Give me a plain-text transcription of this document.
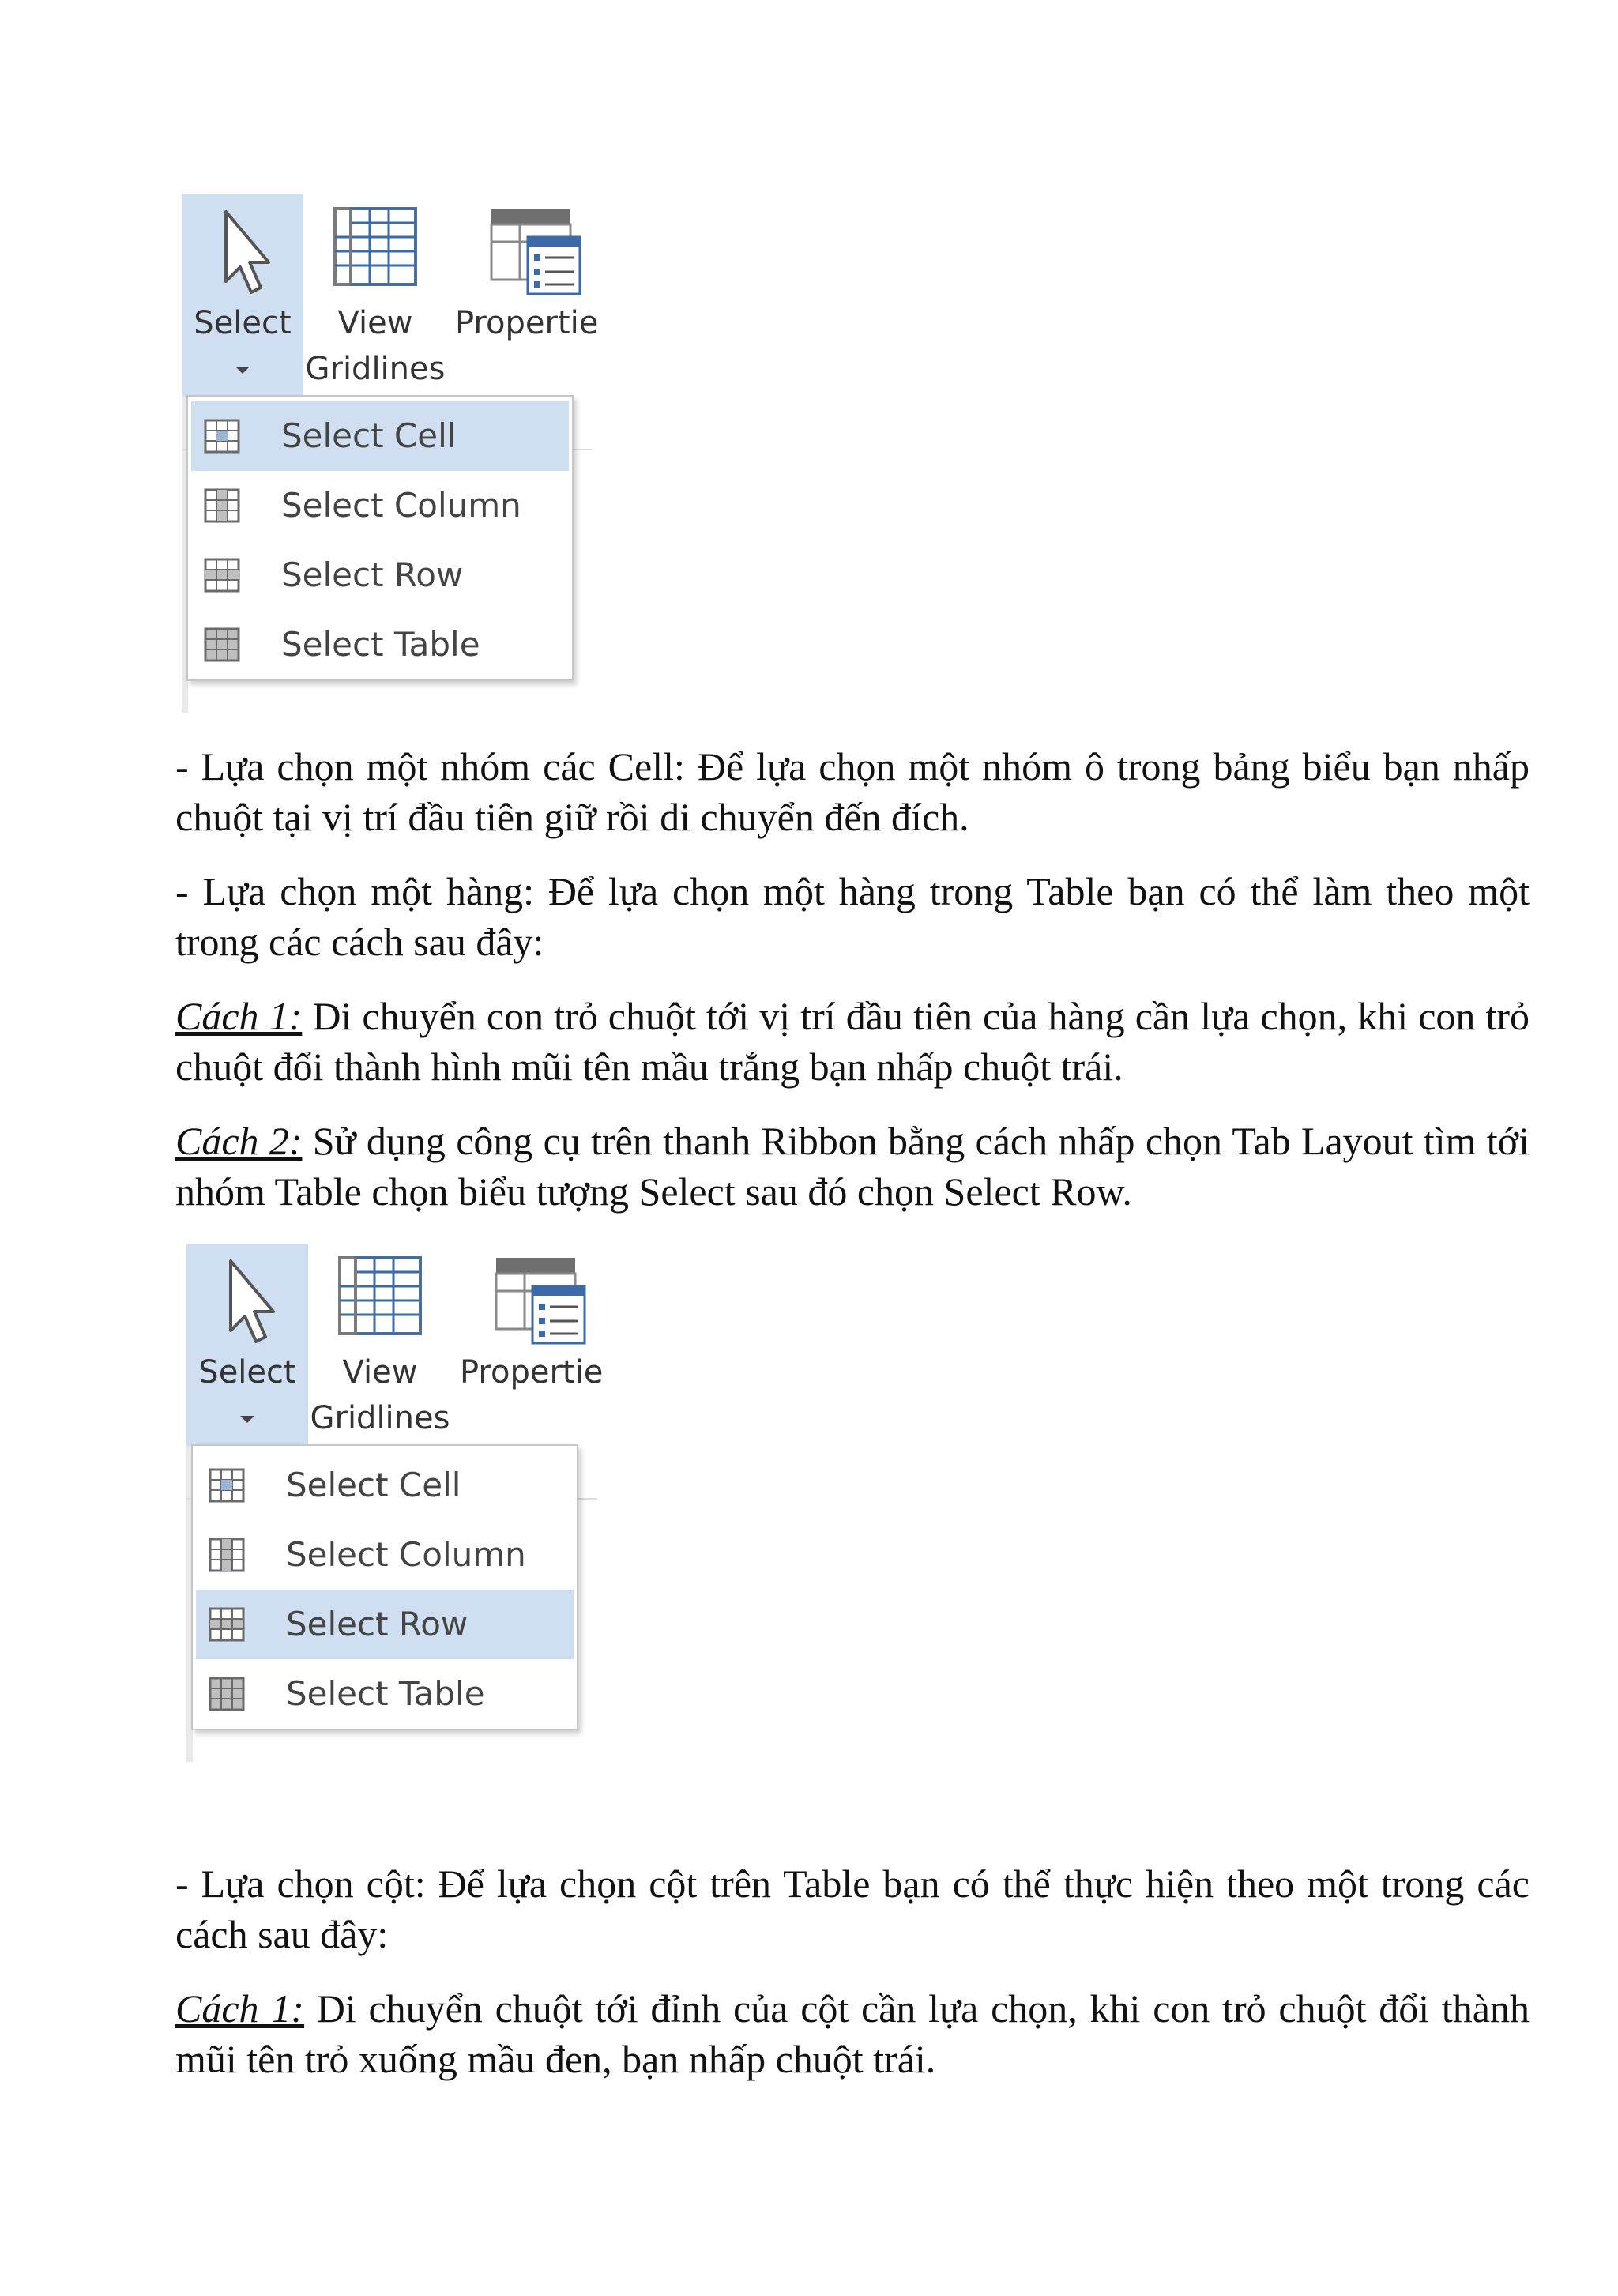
Select	View
Gridlines
Propertie
Select Cell
Select Column
Select Row
Select Table

- Lựa chọn một nhóm các Cell: Để lựa chọn một nhóm ô trong bảng biểu bạn nhấp chuột tại vị trí đầu tiên giữ rồi di chuyển đến đích.

- Lựa chọn một hàng: Để lựa chọn một hàng trong Table bạn có thể làm theo một trong các cách sau đây:

Cách 1: Di chuyển con trỏ chuột tới vị trí đầu tiên của hàng cần lựa chọn, khi con trỏ chuột đổi thành hình mũi tên mầu trắng bạn nhấp chuột trái.

Cách 2: Sử dụng công cụ trên thanh Ribbon bằng cách nhấp chọn Tab Layout tìm tới nhóm Table chọn biểu tượng Select sau đó chọn Select Row.

Select	View
Gridlines
Propertie
Select Cell
Select Column
Select Row
Select Table

- Lựa chọn cột: Để lựa chọn cột trên Table bạn có thể thực hiện theo một trong các cách sau đây:

Cách 1: Di chuyển chuột tới đỉnh của cột cần lựa chọn, khi con trỏ chuột đổi thành mũi tên trỏ xuống mầu đen, bạn nhấp chuột trái.
